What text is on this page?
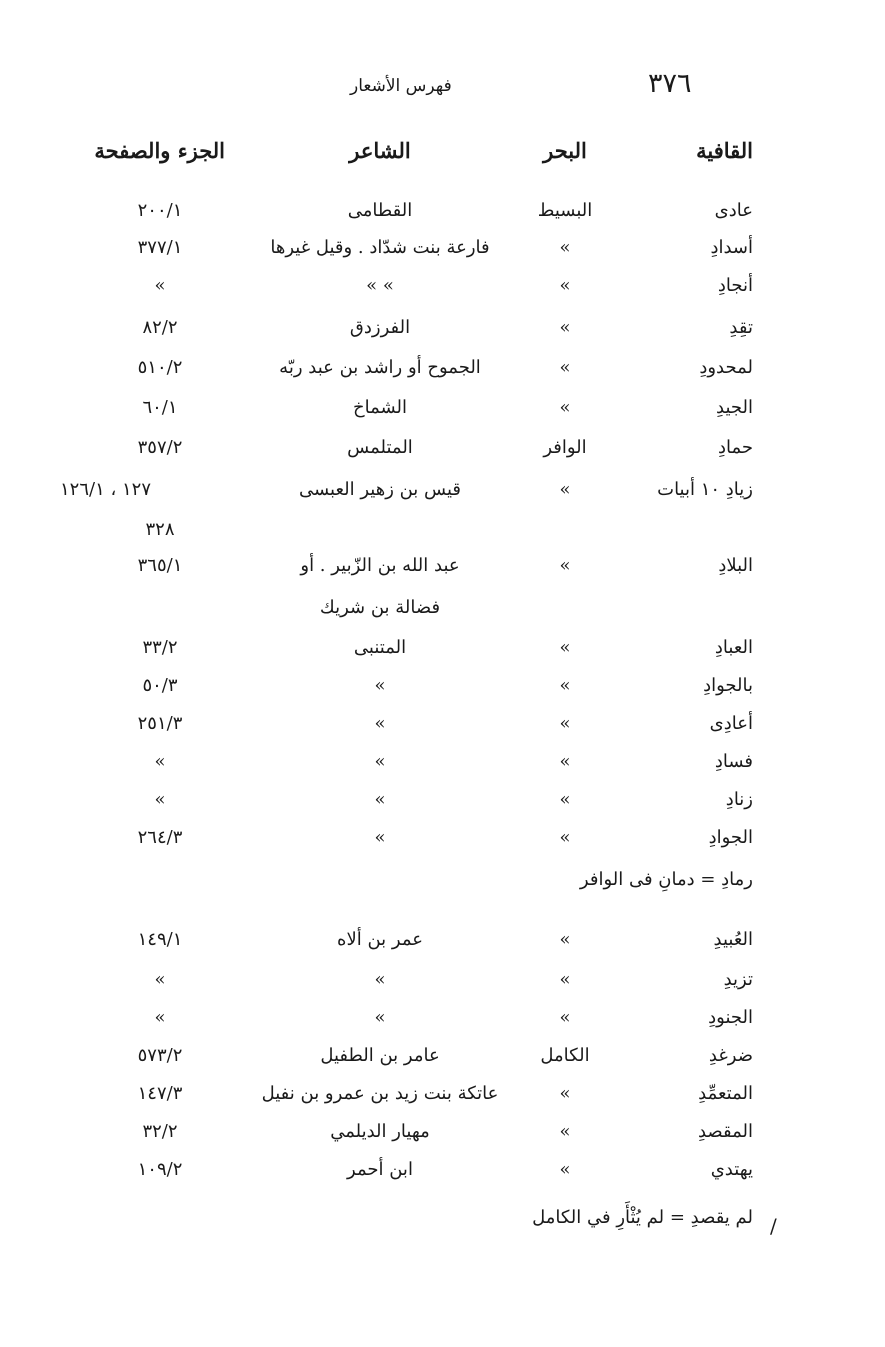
٣٧٦
فهرس الأشعار
القافية
البحر
الشاعر
الجزء والصفحة
عادى
البسيط
القطامى
٢٠٠/١
أسدادِ
»
فارعة بنت شدّاد . وقيل غيرها
٣٧٧/١
أنجادِ
»
» »
»
تقِدِ
»
الفرزدق
٨٢/٢
لمحدودِ
»
الجموح أو راشد بن عبد ربّه
٥١٠/٢
الجيدِ
»
الشماخ
٦٠/١
حمادِ
الوافر
المتلمس
٣٥٧/٢
زيادِ ١٠ أبيات
»
قيس بن زهير العبسى
١٢٧ ، ١٢٦/١
٣٢٨
البلادِ
»
عبد الله بن الزّبير . أو
٣٦٥/١
فضالة بن شريك
العبادِ
»
المتنبى
٣٣/٢
بالجوادِ
»
»
٥٠/٣
أعادِى
»
»
٢٥١/٣
فسادِ
»
»
»
زنادِ
»
»
»
الجوادِ
»
»
٢٦٤/٣
رمادِ = دمانِ فى الوافر
العُبيدِ
»
عمر بن ألاه
١٤٩/١
تزيدِ
»
»
»
الجنودِ
»
»
»
ضرغدِ
الكامل
عامر بن الطفيل
٥٧٣/٢
المتعمِّدِ
»
عاتكة بنت زيد بن عمرو بن نفيل
١٤٧/٣
المقصدِ
»
مهيار الديلمي
٣٢/٢
يهتدي
»
ابن أحمر
١٠٩/٢
لم يقصدِ = لم يُثْأَرِ في الكامل /
